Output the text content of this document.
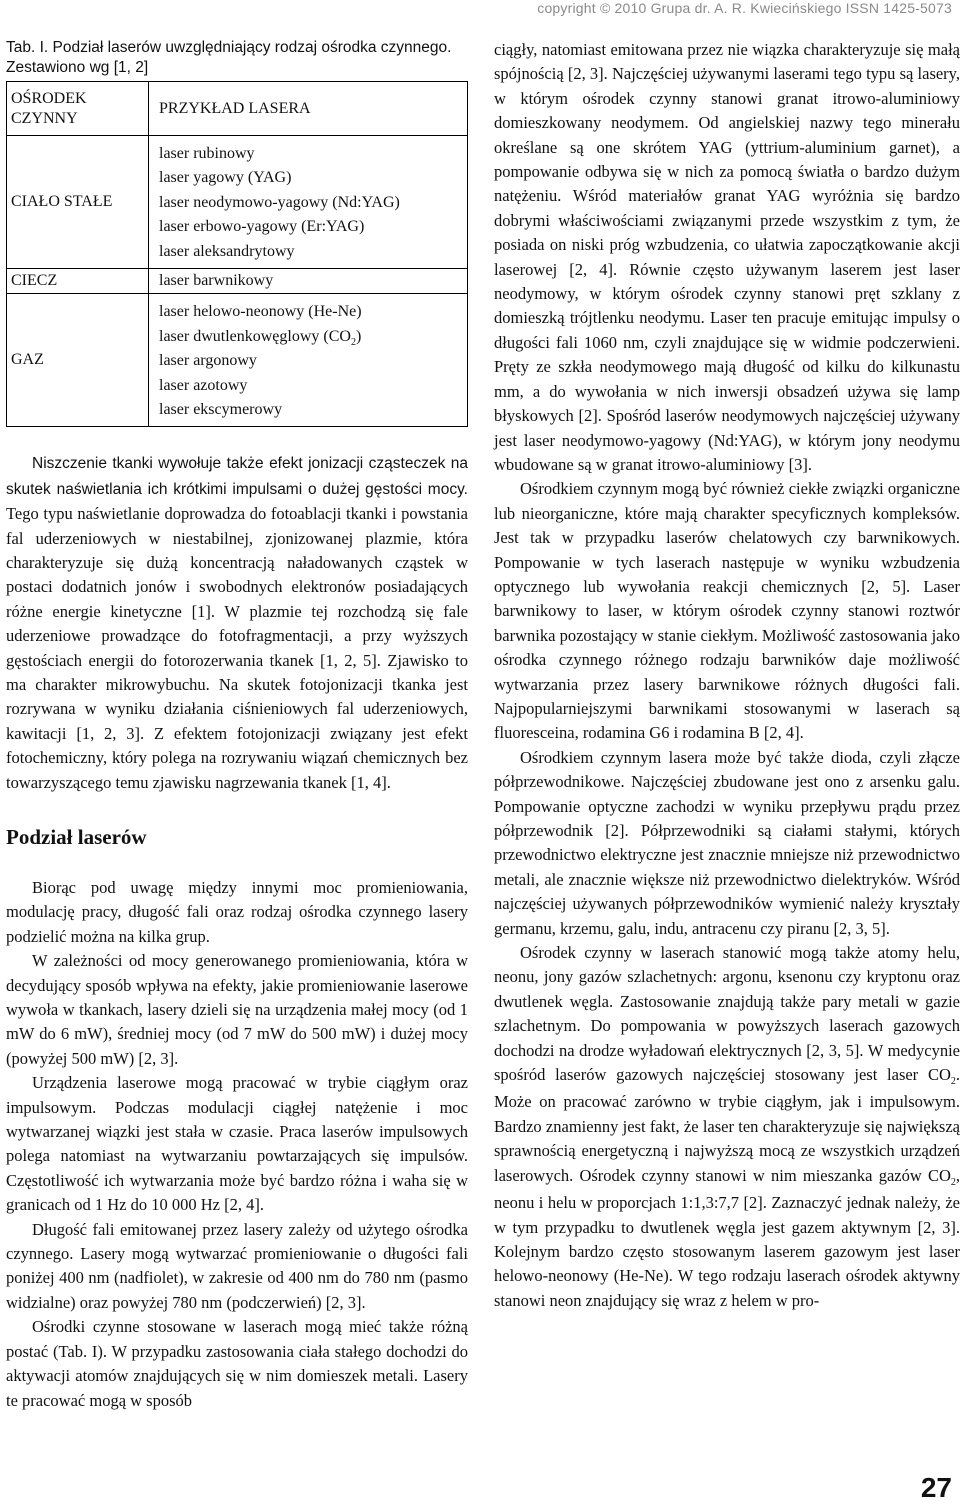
copyright © 2010 Grupa dr. A. R. Kwiecińskiego ISSN 1425-5073
Tab. I. Podział laserów uwzględniający rodzaj ośrodka czynnego. Zestawiono wg [1, 2]
OŚRODEK CZYNNY	PRZYKŁAD LASERA
CIAŁO STAŁE	laser rubinowy
laser yagowy (YAG)
laser neodymowo-yagowy (Nd:YAG)
laser erbowo-yagowy (Er:YAG)
laser aleksandrytowy

CIECZ	laser barwnikowy

GAZ	laser helowo-neonowy (He-Ne)
laser dwutlenkowęglowy $(CO_2)$
laser argonowy
laser azotowy
laser ekscymerowy

Niszczenie tkanki wywołuje także efekt jonizacji cząsteczek na skutek naświetlania ich krótkimi impulsami o dużej gęstości mocy. Tego typu naświetlanie doprowadza do fotoablacji tkanki i powstania fal uderzeniowych w niestabilnej, zjonizowanej plazmie, która charakteryzuje się dużą koncentracją naładowanych cząstek w postaci dodatnich jonów i swobodnych elektronów posiadających różne energie kinetyczne [1]. W plazmie tej rozchodzą się fale uderzeniowe prowadzące do fotofragmentacji, a przy wyższych gęstościach energii do fotorozerwania tkanek [1, 2, 5]. Zjawisko to ma charakter mikrowybuchu. Na skutek fotojonizacji tkanka jest rozrywana w wyniku działania ciśnieniowych fal uderzeniowych, kawitacji [1, 2, 3]. Z efektem fotojonizacji związany jest efekt fotochemiczny, który polega na rozrywaniu wiązań chemicznych bez towarzyszącego temu zjawisku nagrzewania tkanek [1, 4].

Podział laserów

Biorąc pod uwagę między innymi moc promieniowania, modulację pracy, długość fali oraz rodzaj ośrodka czynnego lasery podzielić można na kilka grup.

W zależności od mocy generowanego promieniowania, która w decydujący sposób wpływa na efekty, jakie promieniowanie laserowe wywoła w tkankach, lasery dzieli się na urządzenia małej mocy (od 1 mW do 6 mW), średniej mocy (od 7 mW do 500 mW) i dużej mocy (powyżej 500 mW) [2, 3].

Urządzenia laserowe mogą pracować w trybie ciągłym oraz impulsowym. Podczas modulacji ciągłej natężenie i moc wytwarzanej wiązki jest stała w czasie. Praca laserów impulsowych polega natomiast na wytwarzaniu powtarzających się impulsów. Częstotliwość ich wytwarzania może być bardzo różna i waha się w granicach od 1 Hz do 10 000 Hz [2, 4].

Długość fali emitowanej przez lasery zależy od użytego ośrodka czynnego. Lasery mogą wytwarzać promieniowanie o długości fali poniżej 400 nm (nadfiolet), w zakresie od 400 nm do 780 nm (pasmo widzialne) oraz powyżej 780 nm (podczerwień) [2, 3].

Ośrodki czynne stosowane w laserach mogą mieć także różną postać (Tab. I). W przypadku zastosowania ciała stałego dochodzi do aktywacji atomów znajdujących się w nim domieszek metali. Lasery te pracować mogą w sposób

ciągły, natomiast emitowana przez nie wiązka charakteryzuje się małą spójnością [2, 3]. Najczęściej używanymi laserami tego typu są lasery, w którym ośrodek czynny stanowi granat itrowo-aluminiowy domieszkowany neodymem. Od angielskiej nazwy tego minerału określane są one skrótem YAG (yttrium-aluminium garnet), a pompowanie odbywa się w nich za pomocą światła o bardzo dużym natężeniu. Wśród materiałów granat YAG wyróżnia się bardzo dobrymi właściwościami związanymi przede wszystkim z tym, że posiada on niski próg wzbudzenia, co ułatwia zapoczątkowanie akcji laserowej [2, 4]. Równie często używanym laserem jest laser neodymowy, w którym ośrodek czynny stanowi pręt szklany z domieszką trójtlenku neodymu. Laser ten pracuje emitując impulsy o długości fali 1060 nm, czyli znajdujące się w widmie podczerwieni. Pręty ze szkła neodymowego mają długość od kilku do kilkunastu mm, a do wywołania w nich inwersji obsadzeń używa się lamp błyskowych [2]. Spośród laserów neodymowych najczęściej używany jest laser neodymowo-yagowy (Nd:YAG), w którym jony neodymu wbudowane są w granat itrowo-aluminiowy [3].

Ośrodkiem czynnym mogą być również ciekłe związki organiczne lub nieorganiczne, które mają charakter specyficznych kompleksów. Jest tak w przypadku laserów chelatowych czy barwnikowych. Pompowanie w tych laserach następuje w wyniku wzbudzenia optycznego lub wywołania reakcji chemicznych [2, 5]. Laser barwnikowy to laser, w którym ośrodek czynny stanowi roztwór barwnika pozostający w stanie ciekłym. Możliwość zastosowania jako ośrodka czynnego różnego rodzaju barwników daje możliwość wytwarzania przez lasery barwnikowe różnych długości fali. Najpopularniejszymi barwnikami stosowanymi w laserach są fluoresceina, rodamina G6 i rodamina B [2, 4].

Ośrodkiem czynnym lasera może być także dioda, czyli złącze półprzewodnikowe. Najczęściej zbudowane jest ono z arsenku galu. Pompowanie optyczne zachodzi w wyniku przepływu prądu przez półprzewodnik [2]. Półprzewodniki są ciałami stałymi, których przewodnictwo elektryczne jest znacznie mniejsze niż przewodnictwo metali, ale znacznie większe niż przewodnictwo dielektryków. Wśród najczęściej używanych półprzewodników wymienić należy kryształy germanu, krzemu, galu, indu, antracenu czy piranu [2, 3, 5].

Ośrodek czynny w laserach stanowić mogą także atomy helu, neonu, jony gazów szlachetnych: argonu, ksenonu czy kryptonu oraz dwutlenek węgla. Zastosowanie znajdują także pary metali w gazie szlachetnym. Do pompowania w powyższych laserach gazowych dochodzi na drodze wyładowań elektrycznych [2, 3, 5]. W medycynie spośród laserów gazowych najczęściej stosowany jest laser $CO_2$. Może on pracować zarówno w trybie ciągłym, jak i impulsowym. Bardzo znamienny jest fakt, że laser ten charakteryzuje się największą sprawnością energetyczną i najwyższą mocą ze wszystkich urządzeń laserowych. Ośrodek czynny stanowi w nim mieszanka gazów $CO_2$, neonu i helu w proporcjach 1:1,3:7,7 [2]. Zaznaczyć jednak należy, że w tym przypadku to dwutlenek węgla jest gazem aktywnym [2, 3]. Kolejnym bardzo często stosowanym laserem gazowym jest laser helowo-neonowy (He-Ne). W tego rodzaju laserach ośrodek aktywny stanowi neon znajdujący się wraz z helem w pro-

27
